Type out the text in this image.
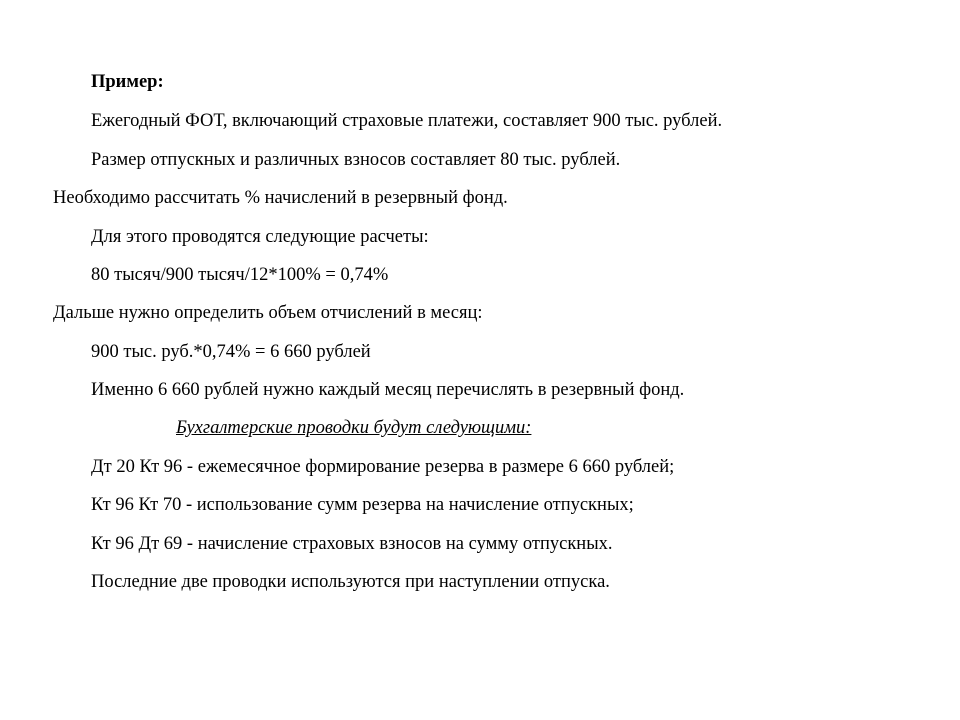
Пример:
Ежегодный ФОТ, включающий страховые платежи, составляет 900 тыс. рублей.
Размер отпускных и различных взносов составляет 80 тыс. рублей.
Необходимо рассчитать % начислений в резервный фонд.
Для этого проводятся следующие расчеты:
80 тысяч/900 тысяч/12*100% = 0,74%
Дальше нужно определить объем отчислений в месяц:
900 тыс. руб.*0,74% = 6 660 рублей
Именно 6 660 рублей нужно каждый месяц перечислять в резервный фонд.
Бухгалтерские проводки будут следующими:
Дт 20 Кт 96 - ежемесячное формирование резерва в размере 6 660 рублей;
Кт 96 Кт 70 - использование сумм резерва на начисление отпускных;
Кт 96 Дт 69 - начисление страховых взносов на сумму отпускных.
Последние две проводки используются при наступлении отпуска.
